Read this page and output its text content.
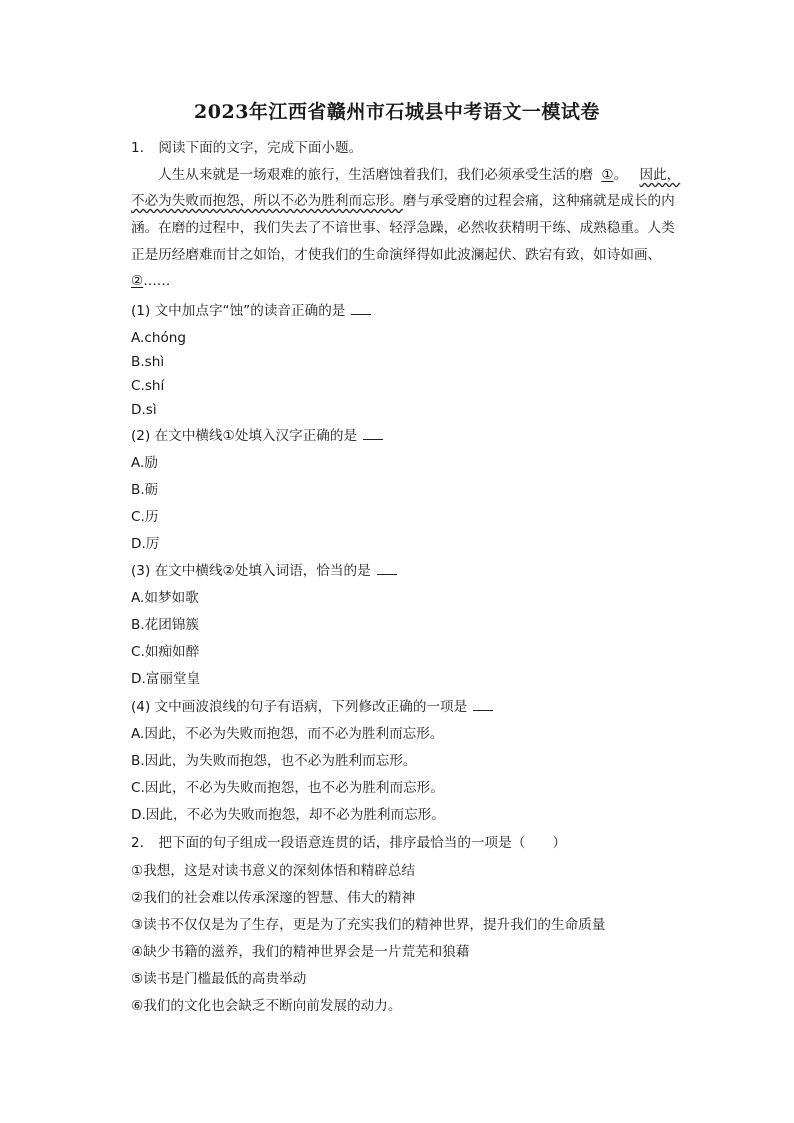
2023年江西省赣州市石城县中考语文一模试卷
1. 阅读下面的文字，完成下面小题。
人生从来就是一场艰难的旅行，生活磨蚀着我们，我们必须承受生活的磨 ①。 因此，
不必为失败而抱怨，所以不必为胜利而忘形。磨与承受磨的过程会痛，这种痛就是成长的内
涵。在磨的过程中，我们失去了不谙世事、轻浮急躁，必然收获精明干练、成熟稳重。人类
正是历经磨难而甘之如饴，才使我们的生命演绎得如此波澜起伏、跌宕有致，如诗如画、
②……
(1) 文中加点字“蚀”的读音正确的是
A.chóng
B.shì
C.shí
D.sì
(2) 在文中横线①处填入汉字正确的是
A.励
B.砺
C.历
D.厉
(3) 在文中横线②处填入词语，恰当的是
A.如梦如歌
B.花团锦簇
C.如痴如醉
D.富丽堂皇
(4) 文中画波浪线的句子有语病，下列修改正确的一项是
A.因此，不必为失败而抱怨，而不必为胜利而忘形。
B.因此，为失败而抱怨，也不必为胜利而忘形。
C.因此，不必为失败而抱怨，也不必为胜利而忘形。
D.因此，不必为失败而抱怨，却不必为胜利而忘形。
2. 把下面的句子组成一段语意连贯的话，排序最恰当的一项是（　　）
①我想，这是对读书意义的深刻体悟和精辟总结
②我们的社会难以传承深邃的智慧、伟大的精神
③读书不仅仅是为了生存，更是为了充实我们的精神世界，提升我们的生命质量
④缺少书籍的滋养，我们的精神世界会是一片荒芜和狼藉
⑤读书是门槛最低的高贵举动
⑥我们的文化也会缺乏不断向前发展的动力。
